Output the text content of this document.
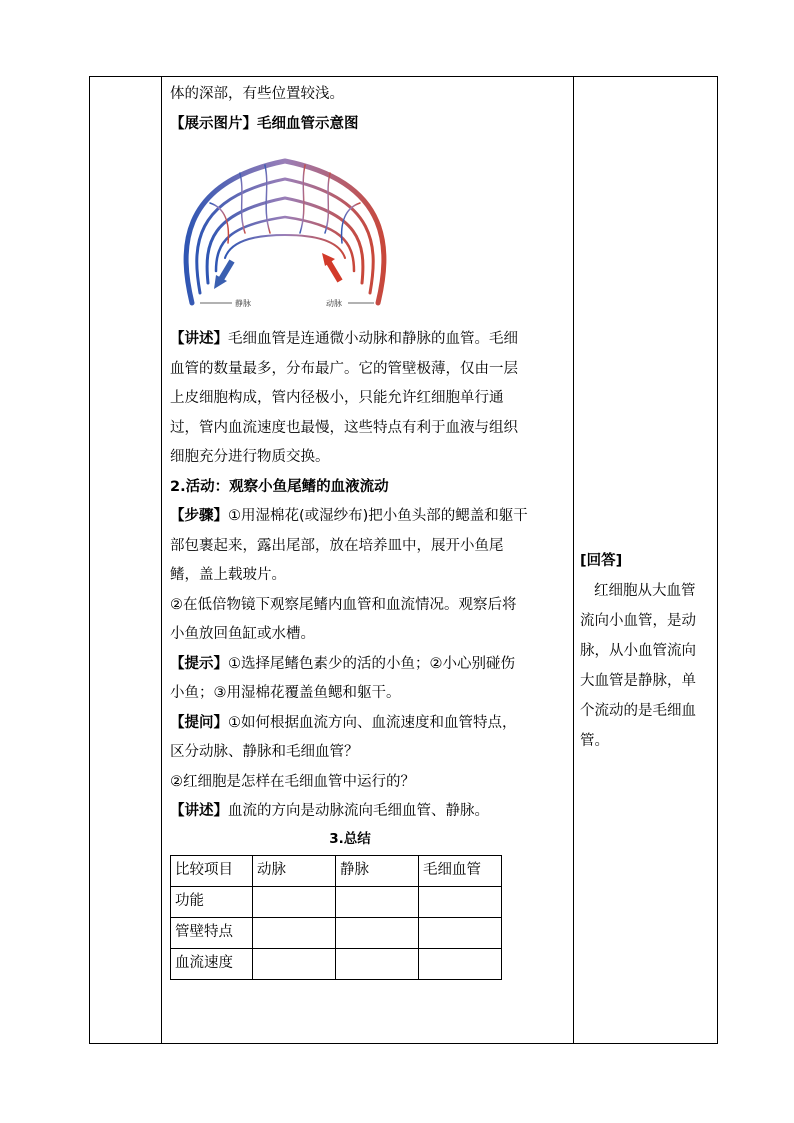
体的深部，有些位置较浅。

【展示图片】毛细血管示意图

静脉	动脉

【讲述】毛细血管是连通微小动脉和静脉的血管。毛细

血管的数量最多，分布最广。它的管壁极薄，仅由一层

上皮细胞构成，管内径极小，只能允许红细胞单行通

过，管内血流速度也最慢，这些特点有利于血液与组织

细胞充分进行物质交换。

2.活动：观察小鱼尾鳍的血液流动

【步骤】①用湿棉花(或湿纱布)把小鱼头部的鳃盖和躯干

部包裹起来，露出尾部，放在培养皿中，展开小鱼尾

鳍，盖上载玻片。

②在低倍物镜下观察尾鳍内血管和血流情况。观察后将

小鱼放回鱼缸或水槽。

【提示】①选择尾鳍色素少的活的小鱼；②小心别碰伤

小鱼；③用湿棉花覆盖鱼鳃和躯干。

【提问】①如何根据血流方向、血流速度和血管特点，

区分动脉、静脉和毛细血管？

②红细胞是怎样在毛细血管中运行的？

【讲述】血流的方向是动脉流向毛细血管、静脉。

3.总结
比较项目	动脉	静脉	毛细血管
功能			
管壁特点			
血流速度			

[回答]

红细胞从大血管

流向小血管，是动

脉，从小血管流向

大血管是静脉，单

个流动的是毛细血

管。
